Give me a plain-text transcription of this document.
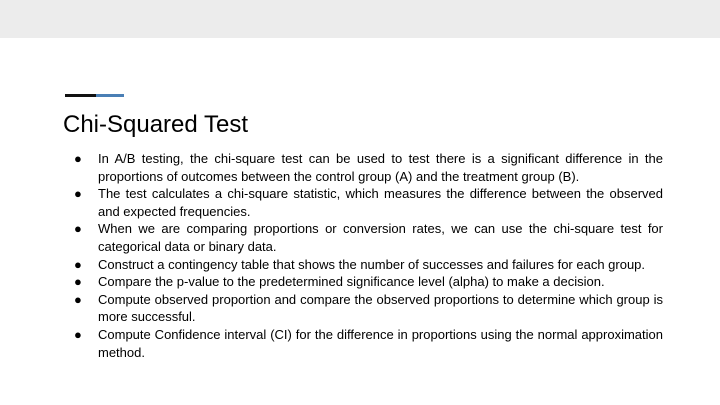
Chi-Squared Test
●	In A/B testing, the chi-square test can be used to test there is a significant difference in the proportions of outcomes between the control group (A) and the treatment group (B).
●	The test calculates a chi-square statistic, which measures the difference between the observed and expected frequencies.
●	When we are comparing proportions or conversion rates, we can use the chi-square test for categorical data or binary data.
●	Construct a contingency table that shows the number of successes and failures for each group.
●	Compare the p-value to the predetermined significance level (alpha) to make a decision.
●	Compute observed proportion and compare the observed proportions to determine which group is more successful.
●	Compute Confidence interval (CI) for the difference in proportions using the normal approximation method.
